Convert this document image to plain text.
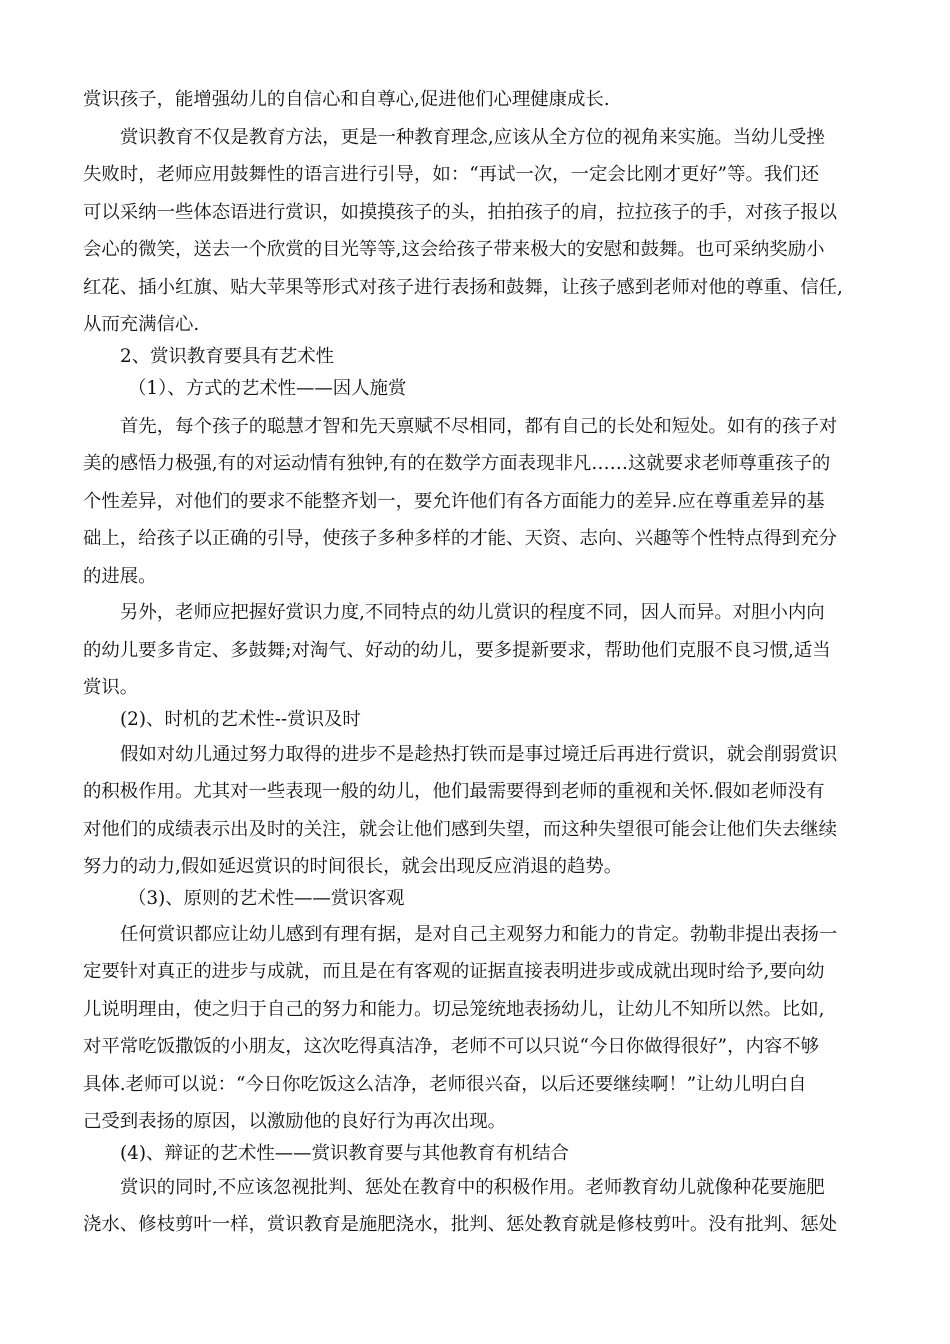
赏识孩子，能增强幼儿的自信心和自尊心,促进他们心理健康成长.
赏识教育不仅是教育方法，更是一种教育理念,应该从全方位的视角来实施。当幼儿受挫
失败时，老师应用鼓舞性的语言进行引导，如：“再试一次，一定会比刚才更好”等。我们还
可以采纳一些体态语进行赏识，如摸摸孩子的头，拍拍孩子的肩，拉拉孩子的手，对孩子报以
会心的微笑，送去一个欣赏的目光等等,这会给孩子带来极大的安慰和鼓舞。也可采纳奖励小
红花、插小红旗、贴大苹果等形式对孩子进行表扬和鼓舞，让孩子感到老师对他的尊重、信任,
从而充满信心.
2、赏识教育要具有艺术性
（1）、方式的艺术性——因人施赏
首先，每个孩子的聪慧才智和先天禀赋不尽相同，都有自己的长处和短处。如有的孩子对
美的感悟力极强,有的对运动情有独钟,有的在数学方面表现非凡……这就要求老师尊重孩子的
个性差异，对他们的要求不能整齐划一，要允许他们有各方面能力的差异.应在尊重差异的基
础上，给孩子以正确的引导，使孩子多种多样的才能、天资、志向、兴趣等个性特点得到充分
的进展。
另外，老师应把握好赏识力度,不同特点的幼儿赏识的程度不同，因人而异。对胆小内向
的幼儿要多肯定、多鼓舞;对淘气、好动的幼儿，要多提新要求，帮助他们克服不良习惯,适当
赏识。
(2)、时机的艺术性--赏识及时
假如对幼儿通过努力取得的进步不是趁热打铁而是事过境迁后再进行赏识，就会削弱赏识
的积极作用。尤其对一些表现一般的幼儿，他们最需要得到老师的重视和关怀.假如老师没有
对他们的成绩表示出及时的关注，就会让他们感到失望，而这种失望很可能会让他们失去继续
努力的动力,假如延迟赏识的时间很长，就会出现反应消退的趋势。
（3)、原则的艺术性——赏识客观
任何赏识都应让幼儿感到有理有据，是对自己主观努力和能力的肯定。勃勒非提出表扬一
定要针对真正的进步与成就，而且是在有客观的证据直接表明进步或成就出现时给予,要向幼
儿说明理由，使之归于自己的努力和能力。切忌笼统地表扬幼儿，让幼儿不知所以然。比如,
对平常吃饭撒饭的小朋友，这次吃得真洁净，老师不可以只说“今日你做得很好”，内容不够
具体.老师可以说：“今日你吃饭这么洁净，老师很兴奋，以后还要继续啊！”让幼儿明白自
己受到表扬的原因，以激励他的良好行为再次出现。
(4)、辩证的艺术性——赏识教育要与其他教育有机结合
赏识的同时,不应该忽视批判、惩处在教育中的积极作用。老师教育幼儿就像种花要施肥
浇水、修枝剪叶一样，赏识教育是施肥浇水，批判、惩处教育就是修枝剪叶。没有批判、惩处
